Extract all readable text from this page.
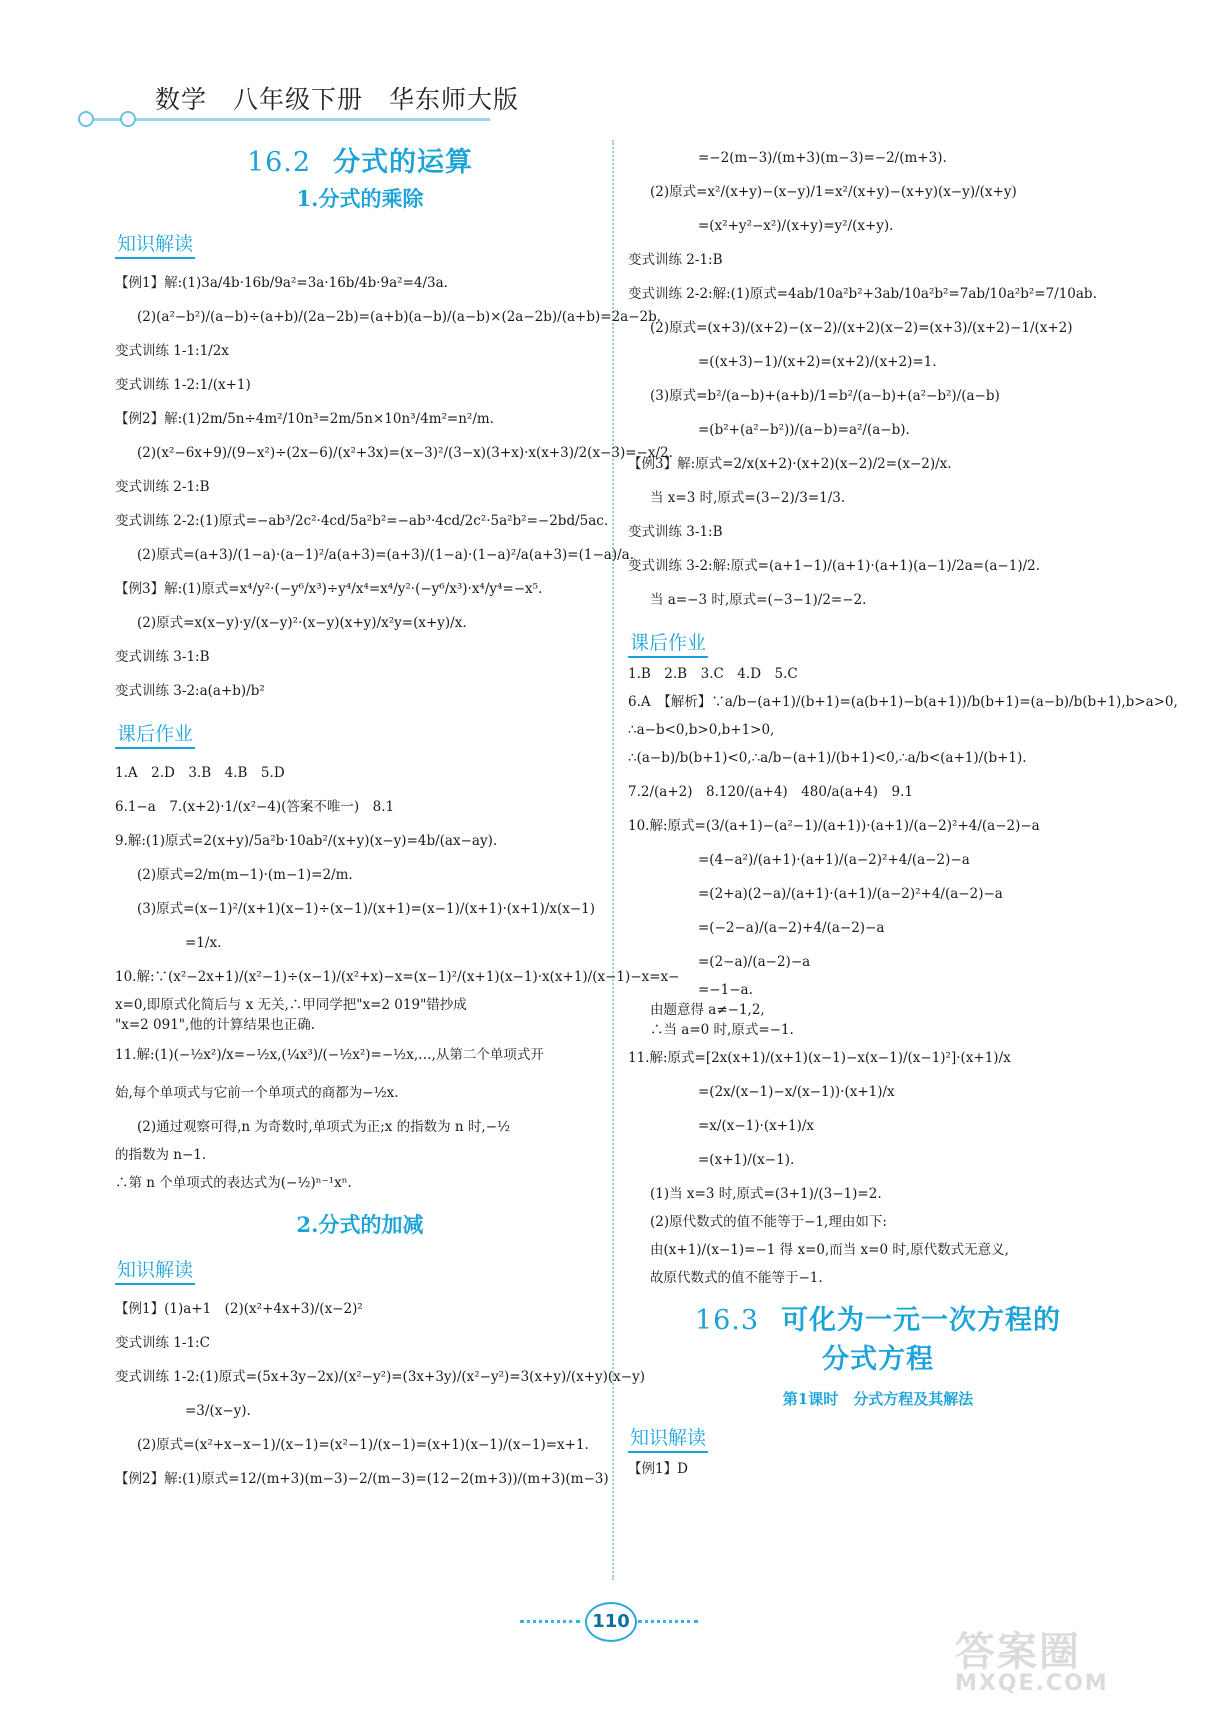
数学　八年级下册　华东师大版
16.2 分式的运算
1.分式的乘除
知识解读

【例1】解:(1)3a/4b·16b/9a²=3a·16b/4b·9a²=4/3a.

(2)(a²−b²)/(a−b)÷(a+b)/(2a−2b)=(a+b)(a−b)/(a−b)×(2a−2b)/(a+b)=2a−2b.

变式训练 1-1:1/2x

变式训练 1-2:1/(x+1)

【例2】解:(1)2m/5n÷4m²/10n³=2m/5n×10n³/4m²=n²/m.

(2)(x²−6x+9)/(9−x²)÷(2x−6)/(x²+3x)=(x−3)²/(3−x)(3+x)·x(x+3)/2(x−3)=−x/2.

变式训练 2-1:B

变式训练 2-2:(1)原式=−ab³/2c²·4cd/5a²b²=−ab³·4cd/2c²·5a²b²=−2bd/5ac.

(2)原式=(a+3)/(1−a)·(a−1)²/a(a+3)=(a+3)/(1−a)·(1−a)²/a(a+3)=(1−a)/a.

【例3】解:(1)原式=x⁴/y²·(−y⁶/x³)÷y⁴/x⁴=x⁴/y²·(−y⁶/x³)·x⁴/y⁴=−x⁵.

(2)原式=x(x−y)·y/(x−y)²·(x−y)(x+y)/x²y=(x+y)/x.

变式训练 3-1:B

变式训练 3-2:a(a+b)/b²

课后作业

1.A　2.D　3.B　4.B　5.D

6.1−a　7.(x+2)·1/(x²−4)(答案不唯一)　8.1

9.解:(1)原式=2(x+y)/5a²b·10ab²/(x+y)(x−y)=4b/(ax−ay).

(2)原式=2/m(m−1)·(m−1)=2/m.

(3)原式=(x−1)²/(x+1)(x−1)÷(x−1)/(x+1)=(x−1)/(x+1)·(x+1)/x(x−1)

=1/x.

10.解:∵(x²−2x+1)/(x²−1)÷(x−1)/(x²+x)−x=(x−1)²/(x+1)(x−1)·x(x+1)/(x−1)−x=x−

x=0,即原式化简后与 x 无关,∴甲同学把"x=2 019"错抄成

"x=2 091",他的计算结果也正确.

11.解:(1)(−½x²)/x=−½x,(¼x³)/(−½x²)=−½x,…,从第二个单项式开

始,每个单项式与它前一个单项式的商都为−½x.

(2)通过观察可得,n 为奇数时,单项式为正;x 的指数为 n 时,−½

的指数为 n−1.

∴第 n 个单项式的表达式为(−½)ⁿ⁻¹xⁿ.

2.分式的加减
知识解读

【例1】(1)a+1　(2)(x²+4x+3)/(x−2)²

变式训练 1-1:C

变式训练 1-2:(1)原式=(5x+3y−2x)/(x²−y²)=(3x+3y)/(x²−y²)=3(x+y)/(x+y)(x−y)

=3/(x−y).

(2)原式=(x²+x−x−1)/(x−1)=(x²−1)/(x−1)=(x+1)(x−1)/(x−1)=x+1.

【例2】解:(1)原式=12/(m+3)(m−3)−2/(m−3)=(12−2(m+3))/(m+3)(m−3)

=−2(m−3)/(m+3)(m−3)=−2/(m+3).

(2)原式=x²/(x+y)−(x−y)/1=x²/(x+y)−(x+y)(x−y)/(x+y)

=(x²+y²−x²)/(x+y)=y²/(x+y).

变式训练 2-1:B

变式训练 2-2:解:(1)原式=4ab/10a²b²+3ab/10a²b²=7ab/10a²b²=7/10ab.

(2)原式=(x+3)/(x+2)−(x−2)/(x+2)(x−2)=(x+3)/(x+2)−1/(x+2)

=((x+3)−1)/(x+2)=(x+2)/(x+2)=1.

(3)原式=b²/(a−b)+(a+b)/1=b²/(a−b)+(a²−b²)/(a−b)

=(b²+(a²−b²))/(a−b)=a²/(a−b).

【例3】解:原式=2/x(x+2)·(x+2)(x−2)/2=(x−2)/x.

当 x=3 时,原式=(3−2)/3=1/3.

变式训练 3-1:B

变式训练 3-2:解:原式=(a+1−1)/(a+1)·(a+1)(a−1)/2a=(a−1)/2.

当 a=−3 时,原式=(−3−1)/2=−2.

课后作业

1.B　2.B　3.C　4.D　5.C

6.A　【解析】∵a/b−(a+1)/(b+1)=(a(b+1)−b(a+1))/b(b+1)=(a−b)/b(b+1),b>a>0,

∴a−b<0,b>0,b+1>0,

∴(a−b)/b(b+1)<0,∴a/b−(a+1)/(b+1)<0,∴a/b<(a+1)/(b+1).

7.2/(a+2)　8.120/(a+4)　480/a(a+4)　9.1

10.解:原式=(3/(a+1)−(a²−1)/(a+1))·(a+1)/(a−2)²+4/(a−2)−a

=(4−a²)/(a+1)·(a+1)/(a−2)²+4/(a−2)−a

=(2+a)(2−a)/(a+1)·(a+1)/(a−2)²+4/(a−2)−a

=(−2−a)/(a−2)+4/(a−2)−a

=(2−a)/(a−2)−a

=−1−a.

由题意得 a≠−1,2,

∴当 a=0 时,原式=−1.

11.解:原式=[2x(x+1)/(x+1)(x−1)−x(x−1)/(x−1)²]·(x+1)/x

=(2x/(x−1)−x/(x−1))·(x+1)/x

=x/(x−1)·(x+1)/x

=(x+1)/(x−1).

(1)当 x=3 时,原式=(3+1)/(3−1)=2.

(2)原代数式的值不能等于−1,理由如下:

由(x+1)/(x−1)=−1 得 x=0,而当 x=0 时,原代数式无意义,

故原代数式的值不能等于−1.

16.3 可化为一元一次方程的
分式方程
第1课时　分式方程及其解法
知识解读

【例1】D

110
答案圈
MXQE.COM
